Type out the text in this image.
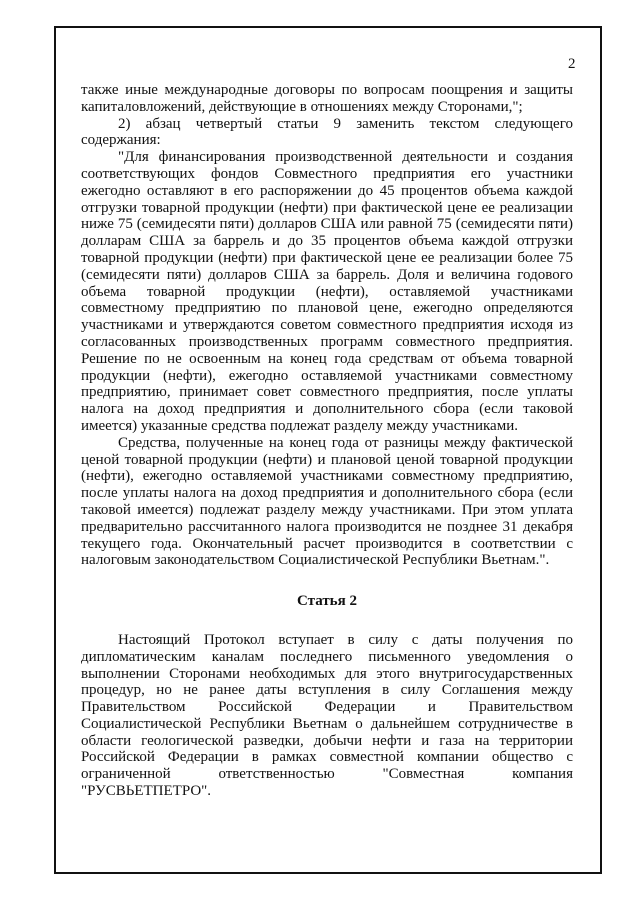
2

также иные международные договоры по вопросам поощрения и защиты капиталовложений, действующие в отношениях между Сторонами,";

2) абзац четвертый статьи 9 заменить текстом следующего содержания:

"Для финансирования производственной деятельности и создания соответствующих фондов Совместного предприятия его участники ежегодно оставляют в его распоряжении до 45 процентов объема каждой отгрузки товарной продукции (нефти) при фактической цене ее реализации ниже 75 (семидесяти пяти) долларов США или равной 75 (семидесяти пяти) долларам США за баррель и до 35 процентов объема каждой отгрузки товарной продукции (нефти) при фактической цене ее реализации более 75 (семидесяти пяти) долларов США за баррель. Доля и величина годового объема товарной продукции (нефти), оставляемой участниками совместному предприятию по плановой цене, ежегодно определяются участниками и утверждаются советом совместного предприятия исходя из согласованных производственных программ совместного предприятия. Решение по не освоенным на конец года средствам от объема товарной продукции (нефти), ежегодно оставляемой участниками совместному предприятию, принимает совет совместного предприятия, после уплаты налога на доход предприятия и дополнительного сбора (если таковой имеется) указанные средства подлежат разделу между участниками.

Средства, полученные на конец года от разницы между фактической ценой товарной продукции (нефти) и плановой ценой товарной продукции (нефти), ежегодно оставляемой участниками совместному предприятию, после уплаты налога на доход предприятия и дополнительного сбора (если таковой имеется) подлежат разделу между участниками. При этом уплата предварительно рассчитанного налога производится не позднее 31 декабря текущего года. Окончательный расчет производится в соответствии с налоговым законодательством Социалистической Республики Вьетнам.".

Статья 2

Настоящий Протокол вступает в силу с даты получения по дипломатическим каналам последнего письменного уведомления о выполнении Сторонами необходимых для этого внутригосударственных процедур, но не ранее даты вступления в силу Соглашения между Правительством Российской Федерации и Правительством Социалистической Республики Вьетнам о дальнейшем сотрудничестве в области геологической разведки, добычи нефти и газа на территории Российской Федерации в рамках совместной компании общество с ограниченной ответственностью "Совместная компания "РУСВЬЕТПЕТРО".
